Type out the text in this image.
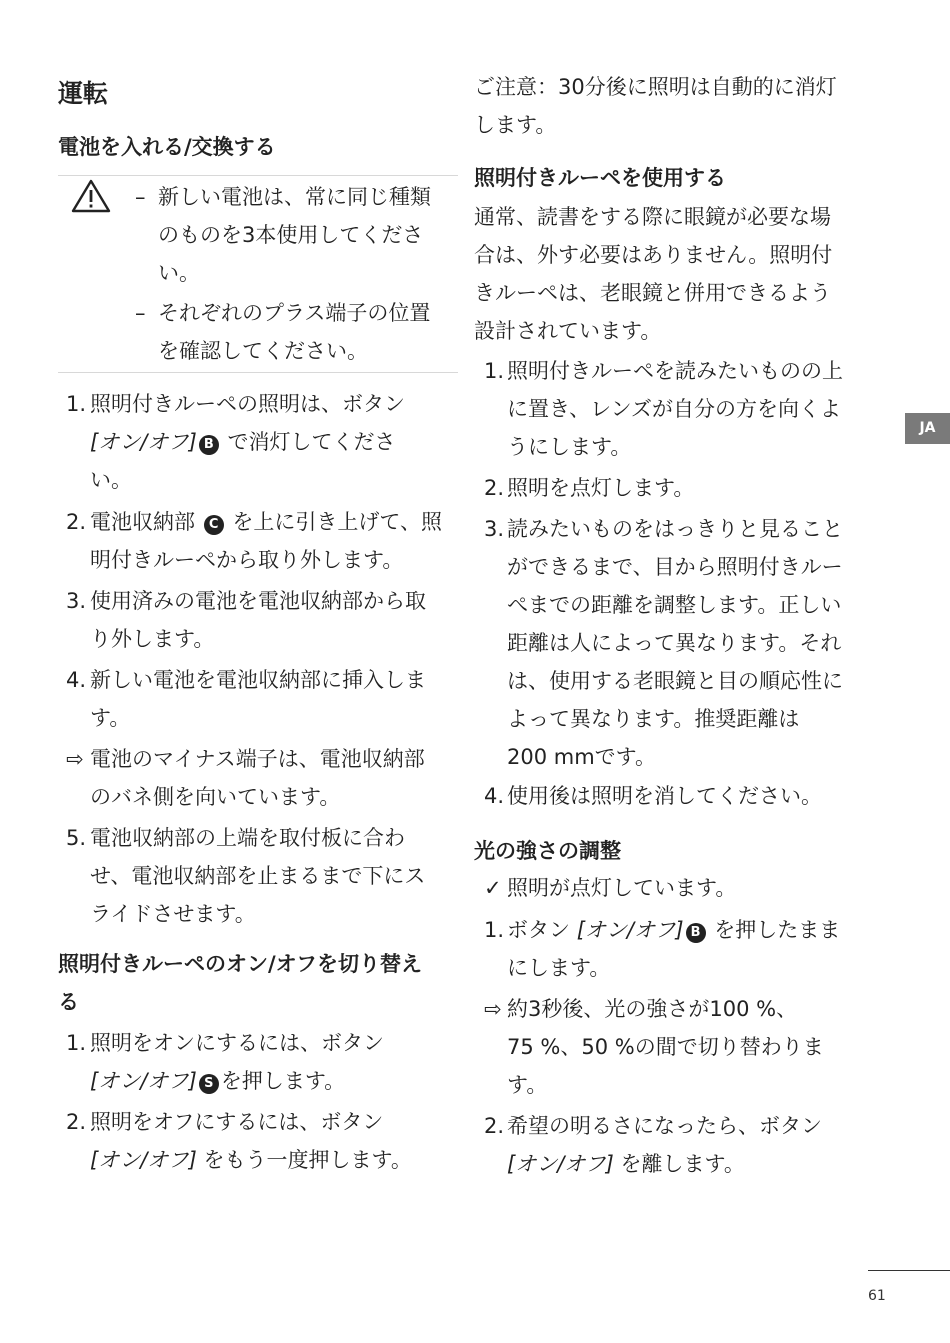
運転
電池を入れる/交換する
– 新しい電池は、常に同じ種類
のものを3本使用してくださ
い。
– それぞれのプラス端子の位置
を確認してください。
1. 照明付きルーペの照明は、ボタン
[オン/オフ] B で消灯してくださ
い。
2. 電池収納部 C を上に引き上げて、照
明付きルーペから取り外します。
3. 使用済みの電池を電池収納部から取
り外します。
4. 新しい電池を電池収納部に挿入しま
す。
⇨ 電池のマイナス端子は、電池収納部
のバネ側を向いています。
5. 電池収納部の上端を取付板に合わ
せ、電池収納部を止まるまで下にス
ライドさせます。
照明付きルーペのオン/オフを切り替え
る
1. 照明をオンにするには、ボタン
[オン/オフ] S を押します。
2. 照明をオフにするには、ボタン
[オン/オフ] をもう一度押します。
ご注意：30分後に照明は自動的に消灯
します。
照明付きルーペを使用する
通常、読書をする際に眼鏡が必要な場
合は、外す必要はありません。照明付
きルーペは、老眼鏡と併用できるよう
設計されています。
1. 照明付きルーペを読みたいものの上
に置き、レンズが自分の方を向くよ
うにします。
2. 照明を点灯します。
3. 読みたいものをはっきりと見ること
ができるまで、目から照明付きルー
ぺまでの距離を調整します。正しい
距離は人によって異なります。それ
は、使用する老眼鏡と目の順応性に
よって異なります。推奨距離は
200 mmです。
4. 使用後は照明を消してください。
光の強さの調整
✓ 照明が点灯しています。
1. ボタン [オン/オフ] B を押したまま
にします。
⇨ 約3秒後、光の強さが100 %、
75 %、50 %の間で切り替わりま
す。
2. 希望の明るさになったら、ボタン
[オン/オフ] を離します。
JA
61
